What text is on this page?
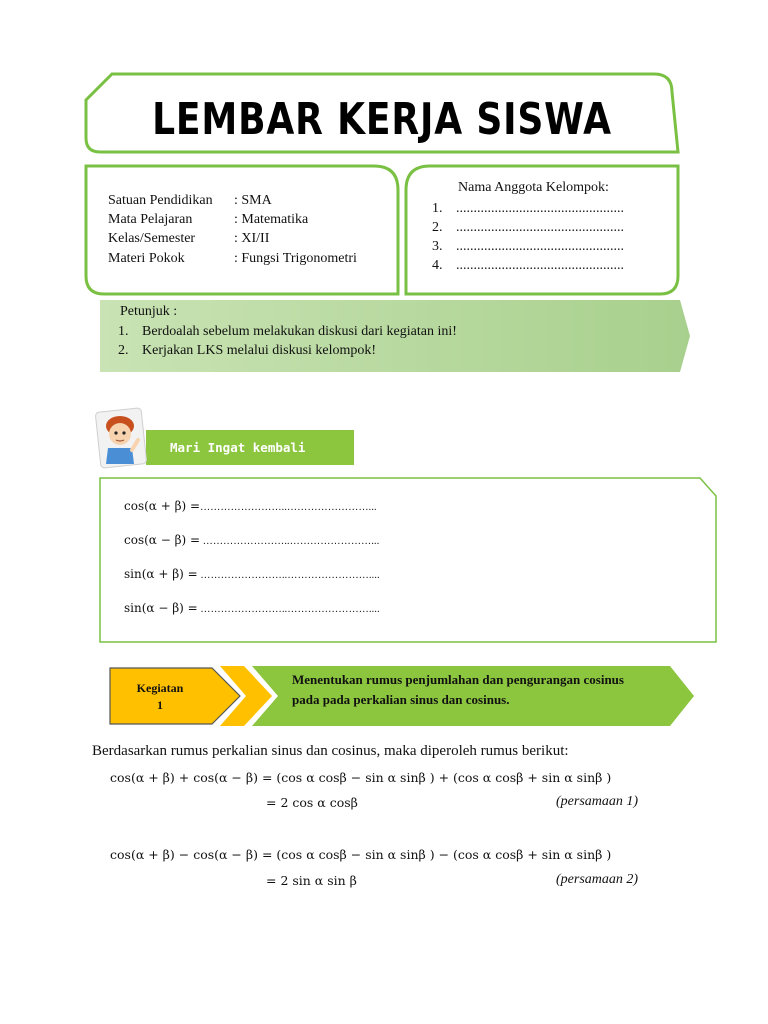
LEMBAR KERJA SISWA
Satuan Pendidikan : SMA
Mata Pelajaran	: Matematika
Kelas/Semester	: XI/II
Materi Pokok	: Fungsi Trigonometri
Nama Anggota Kelompok:
1. ................................................
2. ................................................
3. ................................................
4. ................................................
Petunjuk :
1. Berdoalah sebelum melakukan diskusi dari kegiatan ini!
2. Kerjakan LKS melalui diskusi kelompok!
Mari Ingat kembali
cos(α + β) =……………………..……………………...
cos(α − β) = ……………………..……………………...
sin(α + β) = ……………………..……………………....
sin(α − β) = ……………………..……………………....
Kegiatan
1
Menentukan rumus penjumlahan dan pengurangan cosinus pada pada perkalian sinus dan cosinus.
Berdasarkan rumus perkalian sinus dan cosinus, maka diperoleh rumus berikut:
cos(α + β) + cos(α − β) = (cos α cosβ − sin α sinβ ) + (cos α cosβ + sin α sinβ )
= 2 cos α cosβ	(persamaan 1)
cos(α + β) − cos(α − β) = (cos α cosβ − sin α sinβ ) − (cos α cosβ + sin α sinβ )
= 2 sin α sin β	(persamaan 2)
